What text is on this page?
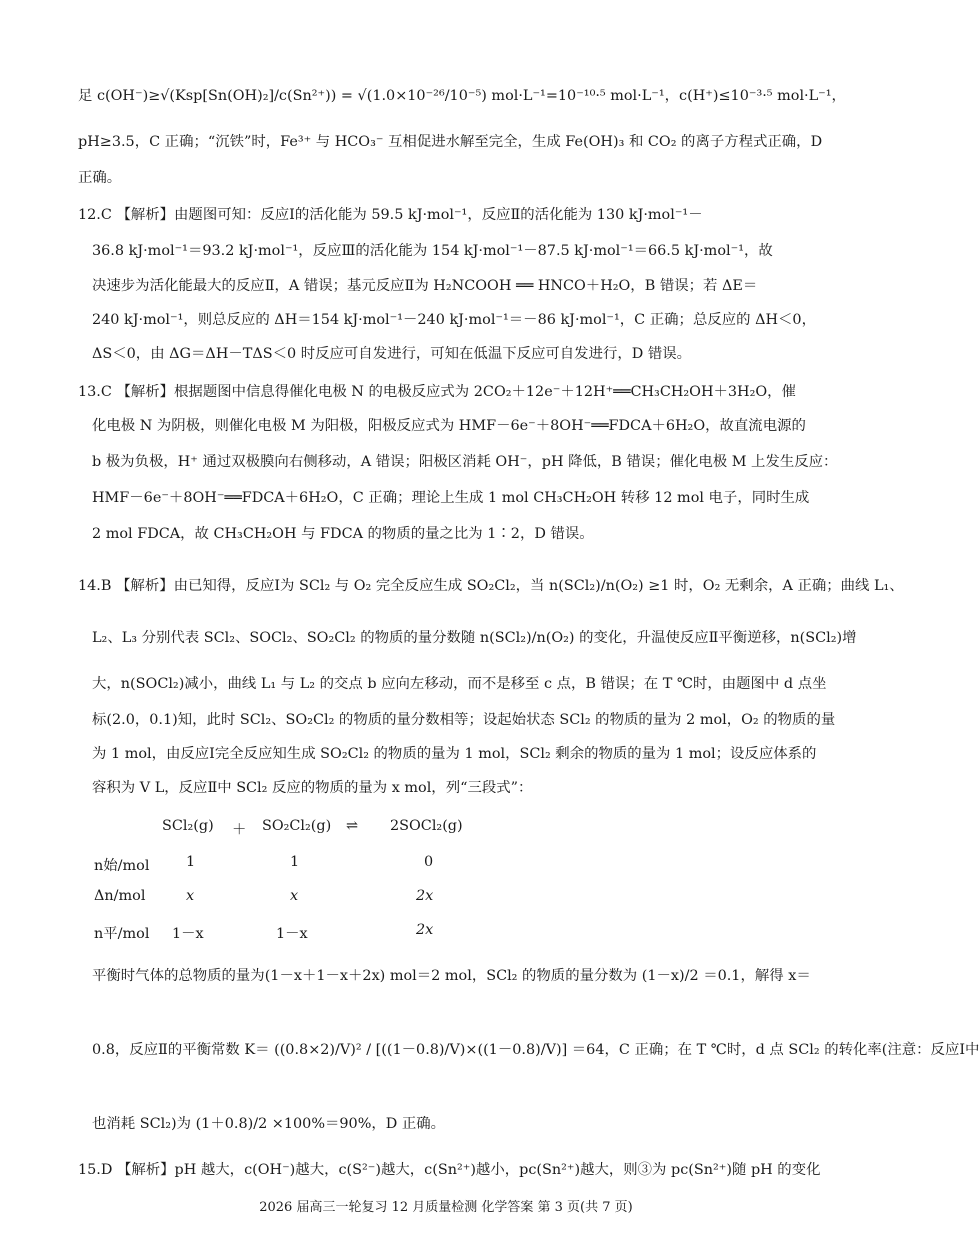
足 c(OH⁻)≥√(Ksp[Sn(OH)₂]/c(Sn²⁺)) = √(1.0×10⁻²⁶/10⁻⁵) mol·L⁻¹=10⁻¹⁰·⁵ mol·L⁻¹，c(H⁺)≤10⁻³·⁵ mol·L⁻¹，
pH≥3.5，C 正确；“沉铁”时，Fe³⁺ 与 HCO₃⁻ 互相促进水解至完全，生成 Fe(OH)₃ 和 CO₂ 的离子方程式正确，D
正确。
12.C 【解析】由题图可知：反应Ⅰ的活化能为 59.5 kJ·mol⁻¹，反应Ⅱ的活化能为 130 kJ·mol⁻¹－
36.8 kJ·mol⁻¹＝93.2 kJ·mol⁻¹，反应Ⅲ的活化能为 154 kJ·mol⁻¹－87.5 kJ·mol⁻¹＝66.5 kJ·mol⁻¹，故
决速步为活化能最大的反应Ⅱ，A 错误；基元反应Ⅱ为 H₂NCOOH ══ HNCO＋H₂O，B 错误；若 ΔE＝
240 kJ·mol⁻¹，则总反应的 ΔH＝154 kJ·mol⁻¹－240 kJ·mol⁻¹＝－86 kJ·mol⁻¹，C 正确；总反应的 ΔH＜0，
ΔS＜0，由 ΔG＝ΔH－TΔS＜0 时反应可自发进行，可知在低温下反应可自发进行，D 错误。
13.C 【解析】根据题图中信息得催化电极 N 的电极反应式为 2CO₂＋12e⁻＋12H⁺══CH₃CH₂OH＋3H₂O，催
化电极 N 为阴极，则催化电极 M 为阳极，阳极反应式为 HMF－6e⁻＋8OH⁻══FDCA＋6H₂O，故直流电源的
b 极为负极，H⁺ 通过双极膜向右侧移动，A 错误；阳极区消耗 OH⁻，pH 降低，B 错误；催化电极 M 上发生反应：
HMF－6e⁻＋8OH⁻══FDCA＋6H₂O，C 正确；理论上生成 1 mol CH₃CH₂OH 转移 12 mol 电子，同时生成
2 mol FDCA，故 CH₃CH₂OH 与 FDCA 的物质的量之比为 1∶2，D 错误。
14.B 【解析】由已知得，反应Ⅰ为 SCl₂ 与 O₂ 完全反应生成 SO₂Cl₂，当 n(SCl₂)/n(O₂) ≥1 时，O₂ 无剩余，A 正确；曲线 L₁、
L₂、L₃ 分别代表 SCl₂、SOCl₂、SO₂Cl₂ 的物质的量分数随 n(SCl₂)/n(O₂) 的变化，升温使反应Ⅱ平衡逆移，n(SCl₂)增
大，n(SOCl₂)减小，曲线 L₁ 与 L₂ 的交点 b 应向左移动，而不是移至 c 点，B 错误；在 T ℃时，由题图中 d 点坐
标(2.0，0.1)知，此时 SCl₂、SO₂Cl₂ 的物质的量分数相等；设起始状态 SCl₂ 的物质的量为 2 mol，O₂ 的物质的量
为 1 mol，由反应Ⅰ完全反应知生成 SO₂Cl₂ 的物质的量为 1 mol，SCl₂ 剩余的物质的量为 1 mol；设反应体系的
容积为 V L，反应Ⅱ中 SCl₂ 反应的物质的量为 x mol，列“三段式”：
SCl₂(g) ＋ SO₂Cl₂(g) ⇌ 2SOCl₂(g)
n始/mol	1	1	0
Δn/mol	x	x	2x
n平/mol 1－x	1－x	2x
平衡时气体的总物质的量为(1－x＋1－x＋2x) mol＝2 mol，SCl₂ 的物质的量分数为 (1－x)/2 ＝0.1，解得 x＝
0.8，反应Ⅱ的平衡常数 K＝ ((0.8×2)/V)² / [((1－0.8)/V)×((1－0.8)/V)] ＝64，C 正确；在 T ℃时，d 点 SCl₂ 的转化率(注意：反应Ⅰ中
也消耗 SCl₂)为 (1＋0.8)/2 ×100%＝90%，D 正确。
15.D 【解析】pH 越大，c(OH⁻)越大，c(S²⁻)越大，c(Sn²⁺)越小，pc(Sn²⁺)越大，则③为 pc(Sn²⁺)随 pH 的变化
2026 届高三一轮复习 12 月质量检测 化学答案 第 3 页(共 7 页)
